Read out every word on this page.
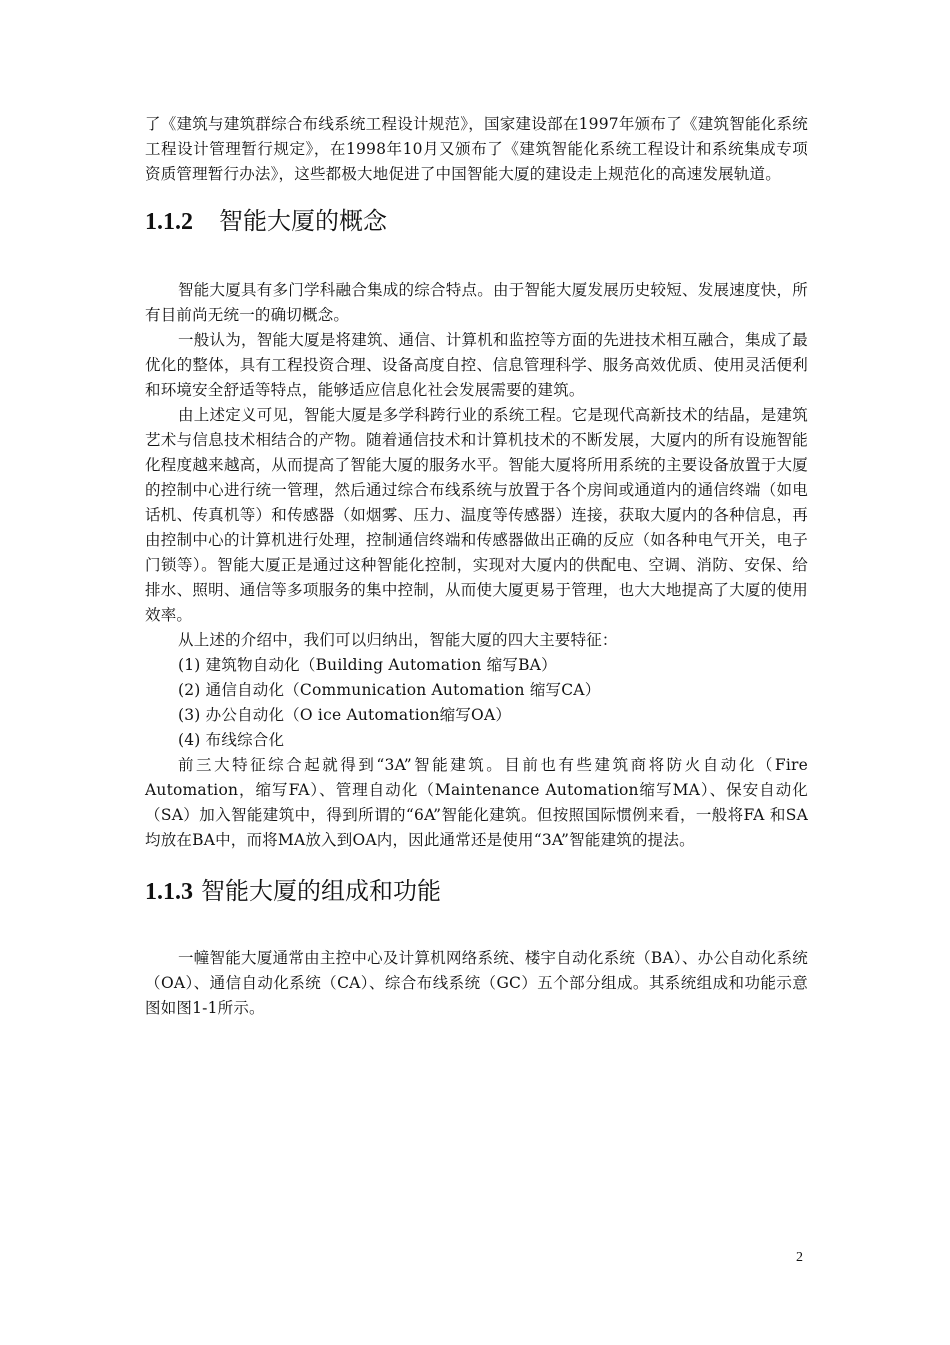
了《建筑与建筑群综合布线系统工程设计规范》，国家建设部在1997年颁布了《建筑智能化系统工程设计管理暂行规定》，在1998年10月又颁布了《建筑智能化系统工程设计和系统集成专项资质管理暂行办法》，这些都极大地促进了中国智能大厦的建设走上规范化的高速发展轨道。

1.1.2 智能大厦的概念

智能大厦具有多门学科融合集成的综合特点。由于智能大厦发展历史较短、发展速度快，所有目前尚无统一的确切概念。

一般认为，智能大厦是将建筑、通信、计算机和监控等方面的先进技术相互融合，集成了最优化的整体，具有工程投资合理、设备高度自控、信息管理科学、服务高效优质、使用灵活便利和环境安全舒适等特点，能够适应信息化社会发展需要的建筑。

由上述定义可见，智能大厦是多学科跨行业的系统工程。它是现代高新技术的结晶，是建筑艺术与信息技术相结合的产物。随着通信技术和计算机技术的不断发展，大厦内的所有设施智能化程度越来越高，从而提高了智能大厦的服务水平。智能大厦将所用系统的主要设备放置于大厦的控制中心进行统一管理，然后通过综合布线系统与放置于各个房间或通道内的通信终端（如电话机、传真机等）和传感器（如烟雾、压力、温度等传感器）连接，获取大厦内的各种信息，再由控制中心的计算机进行处理，控制通信终端和传感器做出正确的反应（如各种电气开关，电子门锁等）。智能大厦正是通过这种智能化控制，实现对大厦内的供配电、空调、消防、安保、给排水、照明、通信等多项服务的集中控制，从而使大厦更易于管理，也大大地提高了大厦的使用效率。

从上述的介绍中，我们可以归纳出，智能大厦的四大主要特征：

(1) 建筑物自动化（Building Automation 缩写BA）

(2) 通信自动化（Communication Automation 缩写CA）

(3) 办公自动化（O ice Automation缩写OA）

(4) 布线综合化

前三大特征综合起就得到“3A”智能建筑。目前也有些建筑商将防火自动化（Fire Automation，缩写FA）、管理自动化（Maintenance Automation缩写MA）、保安自动化（SA）加入智能建筑中，得到所谓的“6A”智能化建筑。但按照国际惯例来看，一般将FA 和SA均放在BA中，而将MA放入到OA内，因此通常还是使用“3A”智能建筑的提法。

1.1.3 智能大厦的组成和功能

一幢智能大厦通常由主控中心及计算机网络系统、楼宇自动化系统（BA）、办公自动化系统（OA）、通信自动化系统（CA）、综合布线系统（GC）五个部分组成。其系统组成和功能示意图如图1-1所示。

2
